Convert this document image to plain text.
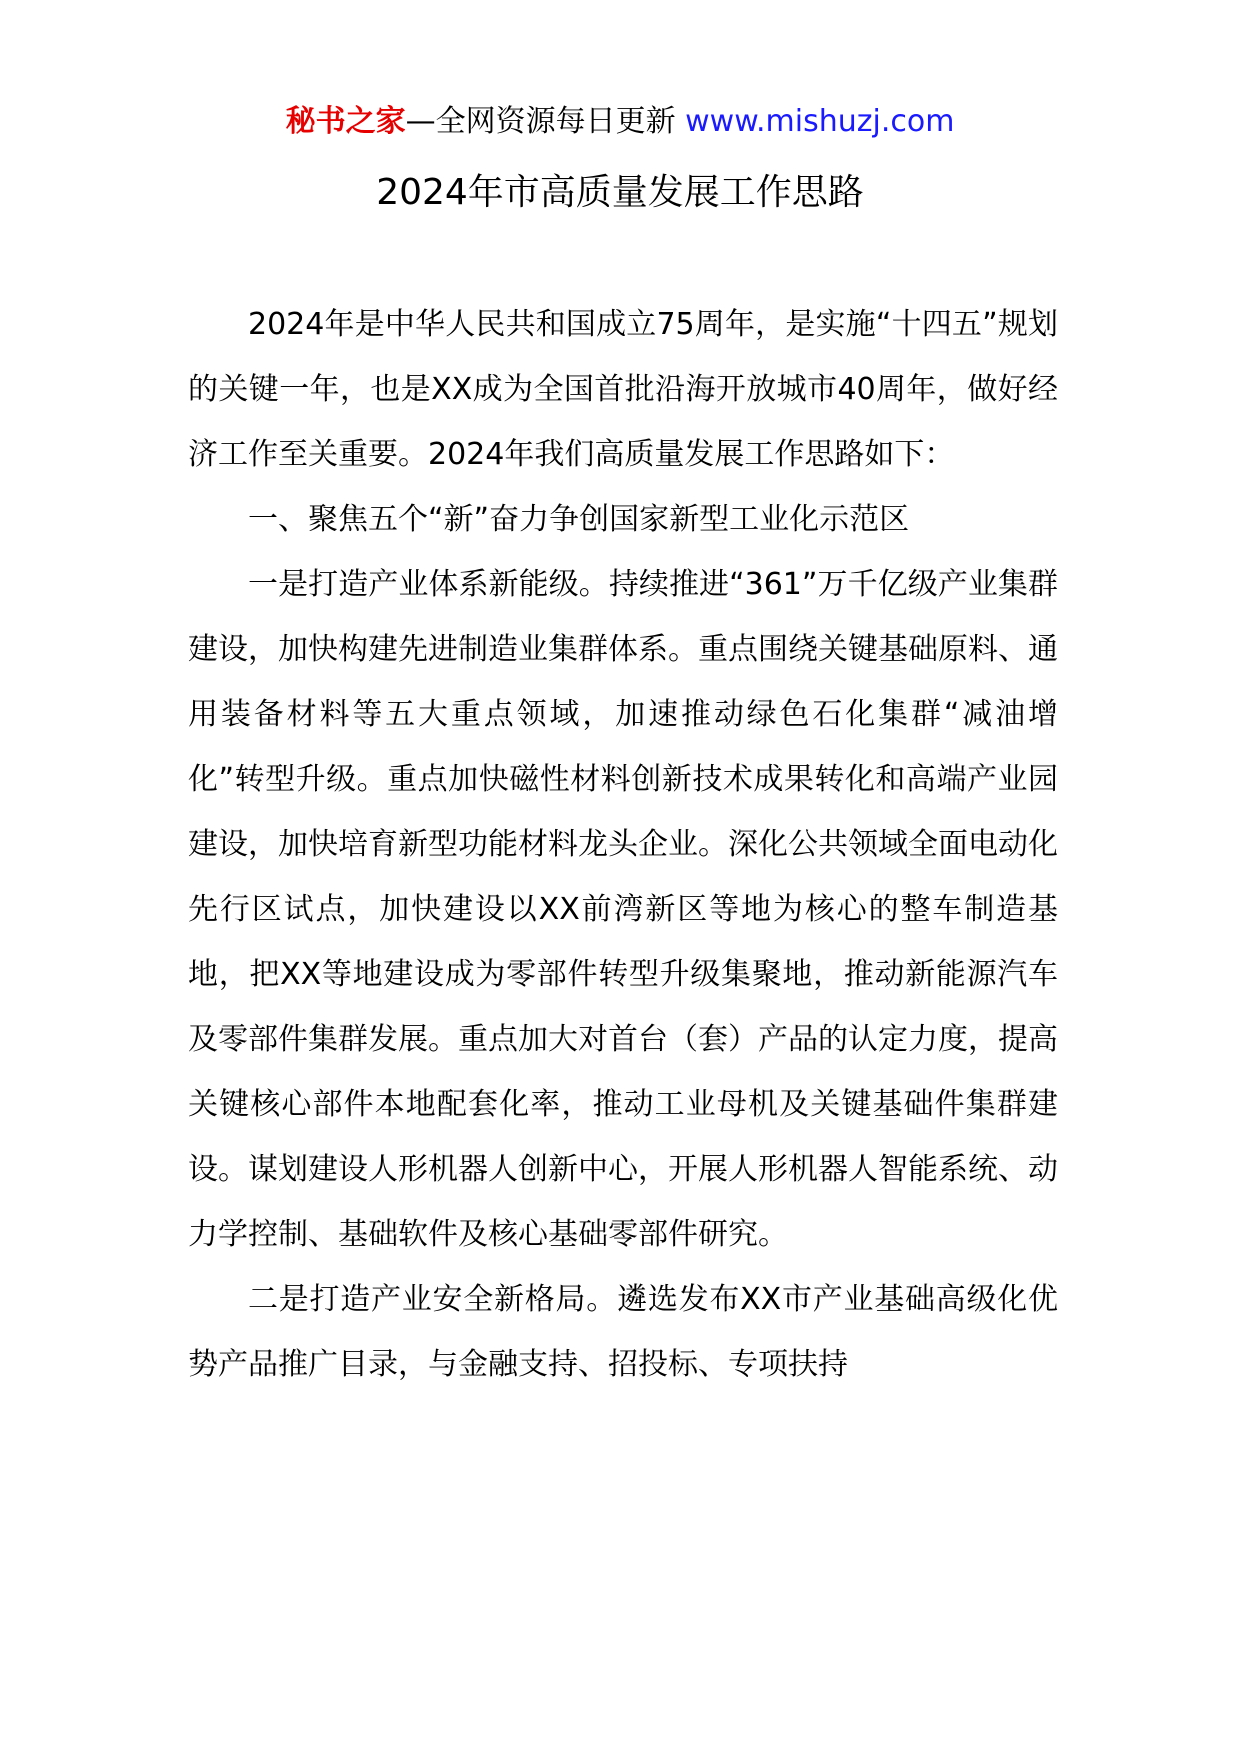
秘书之家—全网资源每日更新 www.mishuzj.com
2024年市高质量发展工作思路

2024年是中华人民共和国成立75周年，是实施“十四五”规划的关键一年，也是XX成为全国首批沿海开放城市40周年，做好经济工作至关重要。2024年我们高质量发展工作思路如下：

一、聚焦五个“新”奋力争创国家新型工业化示范区

一是打造产业体系新能级。持续推进“361”万千亿级产业集群建设，加快构建先进制造业集群体系。重点围绕关键基础原料、通用装备材料等五大重点领域，加速推动绿色石化集群“减油增化”转型升级。重点加快磁性材料创新技术成果转化和高端产业园建设，加快培育新型功能材料龙头企业。深化公共领域全面电动化先行区试点，加快建设以XX前湾新区等地为核心的整车制造基地，把XX等地建设成为零部件转型升级集聚地，推动新能源汽车及零部件集群发展。重点加大对首台（套）产品的认定力度，提高关键核心部件本地配套化率，推动工业母机及关键基础件集群建设。谋划建设人形机器人创新中心，开展人形机器人智能系统、动力学控制、基础软件及核心基础零部件研究。

二是打造产业安全新格局。遴选发布XX市产业基础高级化优势产品推广目录，与金融支持、招投标、专项扶持
